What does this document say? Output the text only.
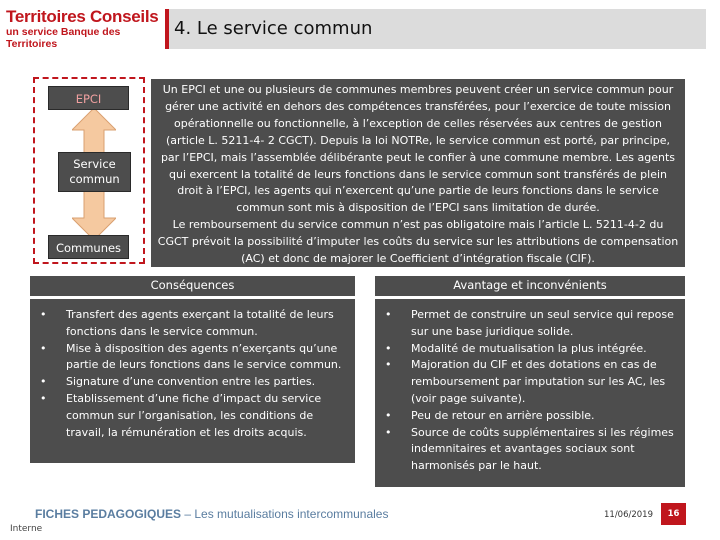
Territoires Conseils
un service Banque des Territoires
4. Le service commun
EPCI
Service commun
Communes

Un EPCI et une ou plusieurs de communes membres peuvent créer un service commun pour gérer une activité en dehors des compétences transférées, pour l’exercice de toute mission opérationnelle ou fonctionnelle, à l’exception de celles réservées aux centres de gestion (article L. 5211-4- 2 CGCT). Depuis la loi NOTRe, le service commun est porté, par principe, par l’EPCI, mais l’assemblée délibérante peut le confier à une commune membre. Les agents qui exercent la totalité de leurs fonctions dans le service commun sont transférés de plein droit à l’EPCI, les agents qui n’exercent qu’une partie de leurs fonctions dans le service commun sont mis à disposition de l’EPCI sans limitation de durée.

Le remboursement du service commun n’est pas obligatoire mais l’article L. 5211-4-2 du CGCT prévoit la possibilité d’imputer les coûts du service sur les attributions de compensation (AC) et donc de majorer le Coefficient d’intégration fiscale (CIF).

Conséquences	Avantage et inconvénients
• Transfert des agents exerçant la totalité de leurs fonctions dans le service commun.
• Mise à disposition des agents n’exerçants qu’une partie de leurs fonctions dans le service commun.
• Signature d’une convention entre les parties.
• Etablissement d’une fiche d’impact du service commun sur l’organisation, les conditions de travail, la rémunération et les droits acquis.
• Permet de construire un seul service qui repose sur une base juridique solide.
• Modalité de mutualisation la plus intégrée.
• Majoration du CIF et des dotations en cas de remboursement par imputation sur les AC, les (voir page suivante).
• Peu de retour en arrière possible.
• Source de coûts supplémentaires si les régimes indemnitaires et avantages sociaux sont harmonisés par le haut.
FICHES PEDAGOGIQUES – Les mutualisations intercommunales	11/06/2019	16
Interne
